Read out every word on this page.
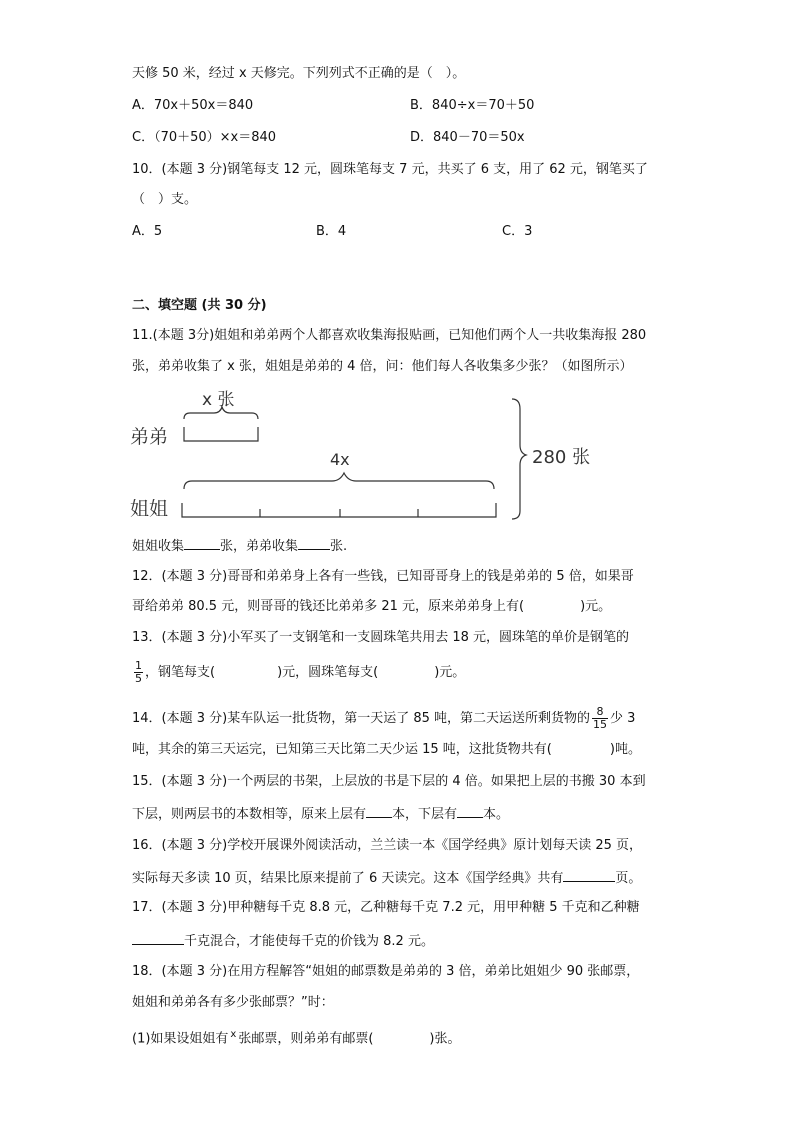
天修 50 米，经过 x 天修完。下列列式不正确的是（　）。
A．70x＋50x＝840	B．840÷x＝70＋50
C．（70＋50）×x＝840	D．840－70＝50x
10．(本题 3 分)钢笔每支 12 元，圆珠笔每支 7 元，共买了 6 支，用了 62 元，钢笔买了
（　）支。
A．5	B．4	C．3
二、填空题 (共 30 分)
11.(本题 3分)姐姐和弟弟两个人都喜欢收集海报贴画，已知他们两个人一共收集海报 280
张，弟弟收集了 x 张，姐姐是弟弟的 4 倍，问：他们每人各收集多少张？（如图所示）
x 张
弟弟
4x
姐姐
280 张
姐姐收集	张，弟弟收集 张.
12．(本题 3 分)哥哥和弟弟身上各有一些钱，已知哥哥身上的钱是弟弟的 5 倍，如果哥
哥给弟弟 80.5 元，则哥哥的钱还比弟弟多 21 元，原来弟弟身上有(	)元。
13．(本题 3 分)小军买了一支钢笔和一支圆珠笔共用去 18 元，圆珠笔的单价是钢笔的
$\frac{1}{5}$ ，钢笔每支(	)元，圆珠笔每支(	)元。
14．(本题 3 分)某车队运一批货物，第一天运了 85 吨，第二天运送所剩货物的 $\frac{8}{15}$ 少 3
吨，其余的第三天运完，已知第三天比第二天少运 15 吨，这批货物共有(	)吨。
15．(本题 3 分)一个两层的书架，上层放的书是下层的 4 倍。如果把上层的书搬 30 本到
下层，则两层书的本数相等，原来上层有 本，下层有 本。
16．(本题 3 分)学校开展课外阅读活动，兰兰读一本《国学经典》原计划每天读 25 页，
实际每天多读 10 页，结果比原来提前了 6 天读完。这本《国学经典》共有	页。
17．(本题 3 分)甲种糖每千克 8.8 元，乙种糖每千克 7.2 元，用甲种糖 5 千克和乙种糖
千克混合，才能使每千克的价钱为 8.2 元。
18．(本题 3 分)在用方程解答“姐姐的邮票数是弟弟的 3 倍，弟弟比姐姐少 90 张邮票，
姐姐和弟弟各有多少张邮票？”时：
(1)如果设姐姐有 $^x$ 张邮票，则弟弟有邮票(	)张。
